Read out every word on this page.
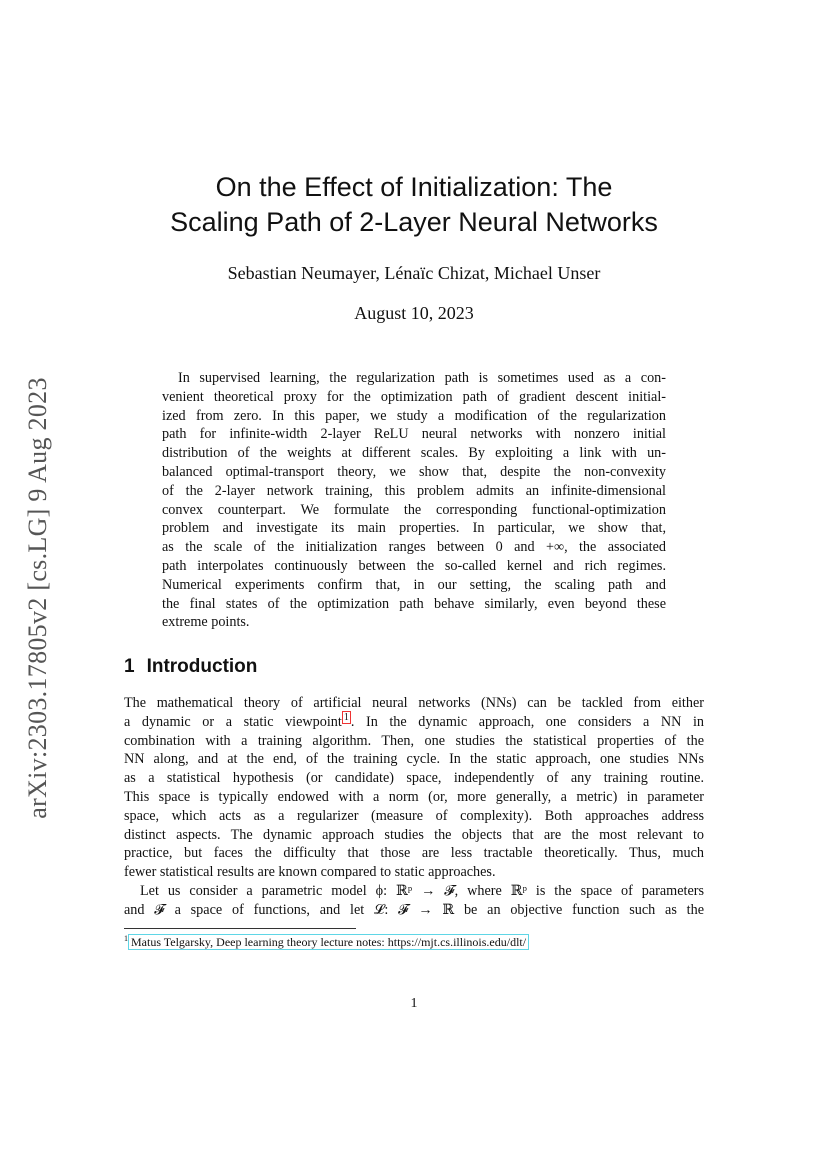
arXiv:2303.17805v2 [cs.LG] 9 Aug 2023
On the Effect of Initialization: The
Scaling Path of 2-Layer Neural Networks
Sebastian Neumayer, Lénaïc Chizat, Michael Unser
August 10, 2023
In supervised learning, the regularization path is sometimes used as a con-
venient theoretical proxy for the optimization path of gradient descent initial-
ized from zero. In this paper, we study a modification of the regularization
path for infinite-width 2-layer ReLU neural networks with nonzero initial
distribution of the weights at different scales. By exploiting a link with un-
balanced optimal-transport theory, we show that, despite the non-convexity
of the 2-layer network training, this problem admits an infinite-dimensional
convex counterpart. We formulate the corresponding functional-optimization
problem and investigate its main properties. In particular, we show that,
as the scale of the initialization ranges between 0 and +∞, the associated
path interpolates continuously between the so-called kernel and rich regimes.
Numerical experiments confirm that, in our setting, the scaling path and
the final states of the optimization path behave similarly, even beyond these
extreme points.
1 Introduction
The mathematical theory of artificial neural networks (NNs) can be tackled from either
a dynamic or a static viewpoint $^1$ . In the dynamic approach, one considers a NN in
combination with a training algorithm. Then, one studies the statistical properties of the
NN along, and at the end, of the training cycle. In the static approach, one studies NNs
as a statistical hypothesis (or candidate) space, independently of any training routine.
This space is typically endowed with a norm (or, more generally, a metric) in parameter
space, which acts as a regularizer (measure of complexity). Both approaches address
distinct aspects. The dynamic approach studies the objects that are the most relevant to
practice, but faces the difficulty that those are less tractable theoretically. Thus, much
fewer statistical results are known compared to static approaches.
Let us consider a parametric model ϕ: ℝᵖ → 𝓕, where ℝᵖ is the space of parameters
and 𝓕 a space of functions, and let 𝓛: 𝓕 → ℝ be an objective function such as the
$^1$ Matus Telgarsky, Deep learning theory lecture notes: https://mjt.cs.illinois.edu/dlt/
1
